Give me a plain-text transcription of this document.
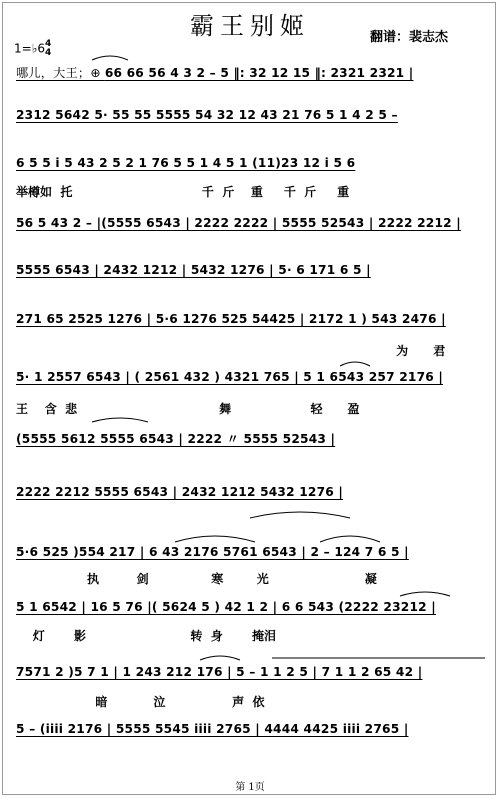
霸王别姬	翻谱：裴志杰
1=♭64
4
哪儿，大王；⊕ 66 66 56 4 3 2 – 5 ‖: 32 12 15 ‖: 2321 2321 |
2312 5642 5· 55 55 5555 54 32 12 43 21 76 5 1 4 2 5 –
6 5 5 i 5 43 2 5 2 1 76 5 5 1 4 5 1 (11)23 12 i 5 6
举樽如  托                               千  斤    重     千  斤     重
56 5 43 2 – |(5555 6543 | 2222 2222 | 5555 52543 | 2222 2212 |
5555 6543 | 2432 1212 | 5432 1276 | 5· 6 171 6 5 |
271 65 2525 1276 | 5·6 1276 525 54425 | 2172 1 ) 543 2476 |
为      君
5· 1 2557 6543 | ( 2561 432 ) 4321 765 | 5 1 6543 257 2176 |
王    含  悲                                  舞                   轻      盈
(5555 5612 5555 6543 | 2222 〃 5555 52543 |
2222 2212 5555 6543 | 2432 1212 5432 1276 |
5·6 525 )554 217 | 6 43 2176 5761 6543 | 2 – 124 7 6 5 |
执         剑               寒        光                       凝
5 1 6542 | 16 5 76 |( 5624 5 ) 42 1 2 | 6 6 543 (2222 23212 |
灯       影                         转  身       掩泪
7571 2 )5 7 1 | 1 243 212 176 | 5 – 1 1 2 5 | 7 1 1 2 65 42 |
暗           泣                声  依
5 – (iiii 2176 | 5555 5545 iiii 2765 | 4444 4425 iiii 2765 |
第 1页
